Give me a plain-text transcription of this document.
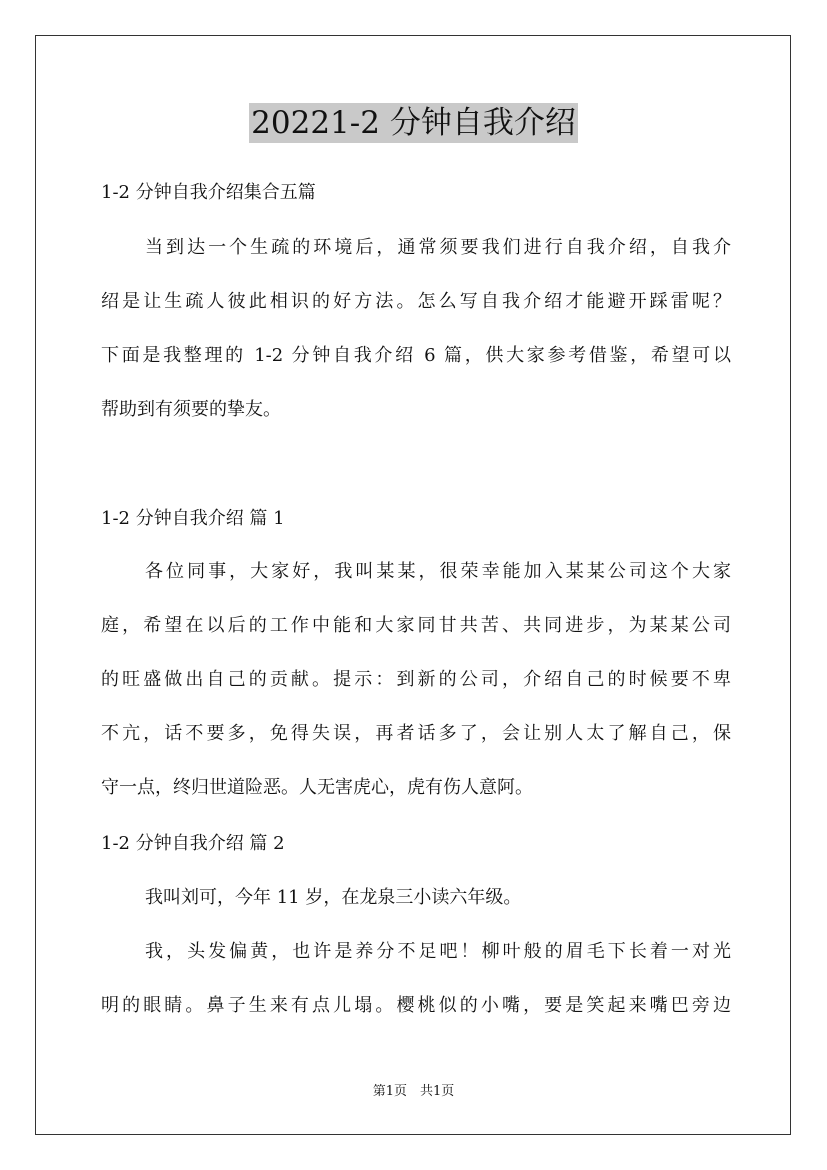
20221-2 分钟自我介绍
1-2 分钟自我介绍集合五篇

当到达一个生疏的环境后，通常须要我们进行自我介绍，自我介

绍是让生疏人彼此相识的好方法。怎么写自我介绍才能避开踩雷呢？

下面是我整理的 1-2 分钟自我介绍 6 篇，供大家参考借鉴，希望可以

帮助到有须要的挚友。

1-2 分钟自我介绍 篇 1

各位同事，大家好，我叫某某，很荣幸能加入某某公司这个大家

庭，希望在以后的工作中能和大家同甘共苦、共同进步，为某某公司

的旺盛做出自己的贡献。提示：到新的公司，介绍自己的时候要不卑

不亢，话不要多，免得失误，再者话多了，会让别人太了解自己，保

守一点，终归世道险恶。人无害虎心，虎有伤人意阿。

1-2 分钟自我介绍 篇 2
我叫刘可，今年 11 岁，在龙泉三小读六年级。

我，头发偏黄，也许是养分不足吧！柳叶般的眉毛下长着一对光

明的眼睛。鼻子生来有点儿塌。樱桃似的小嘴，要是笑起来嘴巴旁边

第1页　共1页
